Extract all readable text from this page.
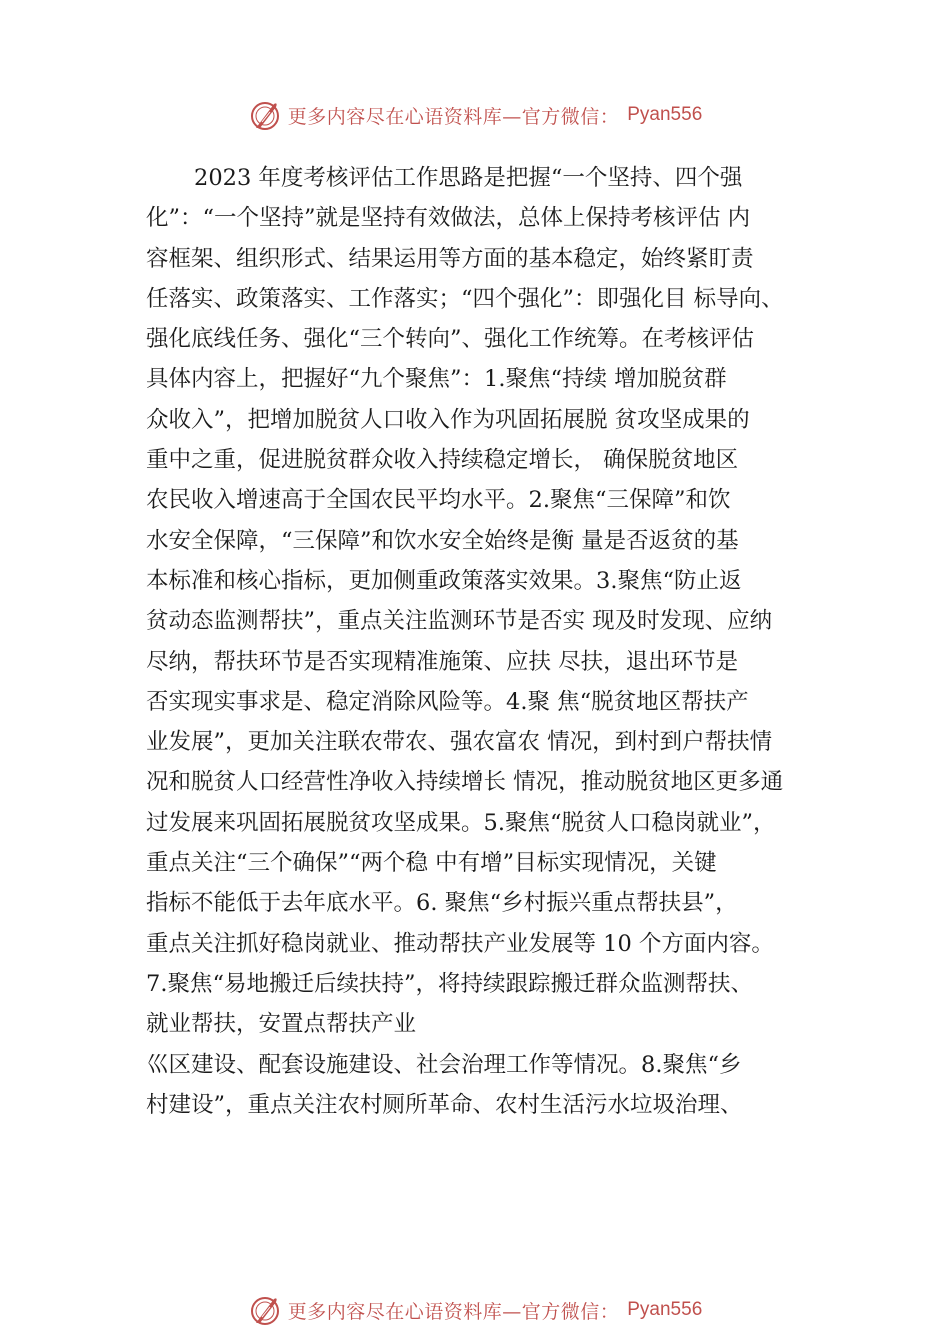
更多内容尽在心语资料库—官方微信： Pyan556
2023 年度考核评估工作思路是把握“一个坚持、四个强
化”：“一个坚持”就是坚持有效做法，总体上保持考核评估 内
容框架、组织形式、结果运用等方面的基本稳定，始终紧盯责
任落实、政策落实、工作落实；“四个强化”：即强化目 标导向、
强化底线任务、强化“三个转向”、强化工作统筹。在考核评估
具体内容上，把握好“九个聚焦”：1.聚焦“持续 增加脱贫群
众收入”，把增加脱贫人口收入作为巩固拓展脱 贫攻坚成果的
重中之重，促进脱贫群众收入持续稳定增长， 确保脱贫地区
农民收入增速高于全国农民平均水平。2.聚焦“三保障”和饮
水安全保障，“三保障”和饮水安全始终是衡 量是否返贫的基
本标准和核心指标，更加侧重政策落实效果。3.聚焦“防止返
贫动态监测帮扶”，重点关注监测环节是否实 现及时发现、应纳
尽纳，帮扶环节是否实现精准施策、应扶 尽扶，退出环节是
否实现实事求是、稳定消除风险等。4.聚 焦“脱贫地区帮扶产
业发展”，更加关注联农带农、强农富农 情况，到村到户帮扶情
况和脱贫人口经营性净收入持续增长 情况，推动脱贫地区更多通
过发展来巩固拓展脱贫攻坚成果。5.聚焦“脱贫人口稳岗就业”，
重点关注“三个确保”“两个稳 中有增”目标实现情况，关键
指标不能低于去年底水平。6. 聚焦“乡村振兴重点帮扶县”，
重点关注抓好稳岗就业、推动帮扶产业发展等 10 个方面内容。
7.聚焦“易地搬迁后续扶持”，将持续跟踪搬迁群众监测帮扶、
就业帮扶，安置点帮扶产业
⼮区建设、配套设施建设、社会治理工作等情况。8.聚焦“乡
村建设”，重点关注农村厕所革命、农村生活污水垃圾治理、
更多内容尽在心语资料库—官方微信： Pyan556
